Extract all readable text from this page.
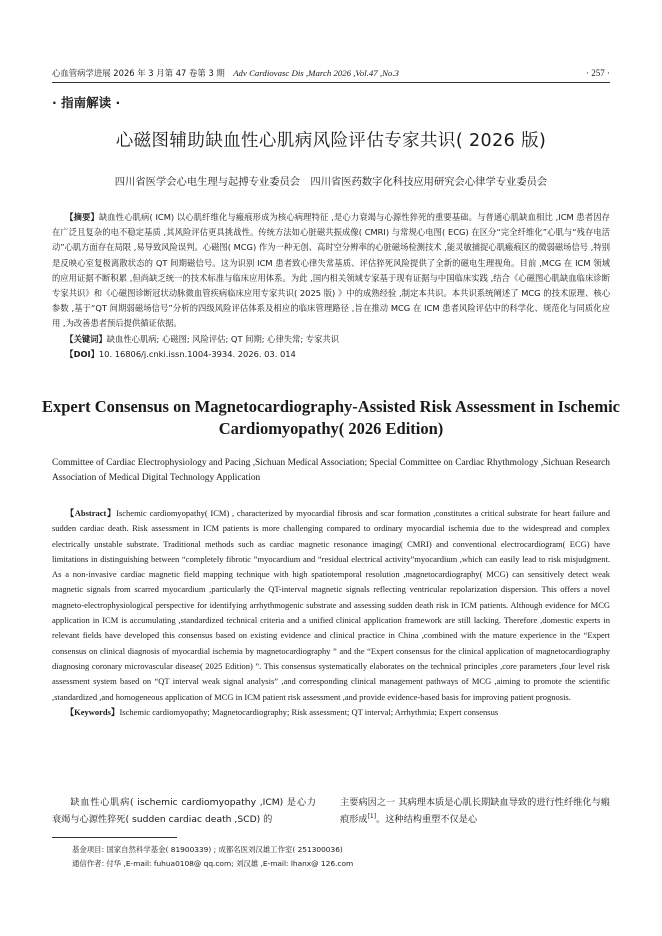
心血管病学进展 2026 年 3 月第 47 卷第 3 期　 Adv Cardiovasc Dis ,March 2026 ,Vol.47 ,No.3	· 257 ·
· 指南解读 ·
心磁图辅助缺血性心肌病风险评估专家共识( 2026 版)
四川省医学会心电生理与起搏专业委员会　四川省医药数字化科技应用研究会心律学专业委员会

【摘要】缺血性心肌病( ICM) 以心肌纤维化与瘢痕形成为核心病理特征 ,是心力衰竭与心源性猝死的重要基础。与普通心肌缺血相比 ,ICM 患者因存在广泛且复杂的电不稳定基质 ,其风险评估更具挑战性。传统方法如心脏磁共振成像( CMRI) 与常规心电图( ECG) 在区分“完全纤维化”心肌与“残存电活动”心肌方面存在局限 ,易导致风险误判。心磁图( MCG) 作为一种无创、高时空分辨率的心脏磁场检测技术 ,能灵敏捕捉心肌瘢痕区的微弱磁场信号 ,特别是反映心室复极离散状态的 QT 间期磁信号。这为识别 ICM 患者致心律失常基质、评估猝死风险提供了全新的磁电生理视角。目前 ,MCG 在 ICM 领域的应用证据不断积累 ,但尚缺乏统一的技术标准与临床应用体系。为此 ,国内相关领域专家基于现有证据与中国临床实践 ,结合《心磁图心肌缺血临床诊断专家共识》和《心磁图诊断冠状动脉微血管疾病临床应用专家共识( 2025 版) 》中的成熟经验 ,制定本共识。本共识系统阐述了 MCG 的技术原理、核心参数 ,基于“QT 间期弱磁场信号”分析的四级风险评估体系及相应的临床管理路径 ,旨在推动 MCG 在 ICM 患者风险评估中的科学化、规范化与同质化应用 ,为改善患者预后提供循证依据。

【关键词】缺血性心肌病; 心磁图; 风险评估; QT 间期; 心律失常; 专家共识

【DOI】10. 16806/j.cnki.issn.1004-3934. 2026. 03. 014

Expert Consensus on Magnetocardiography-Assisted Risk Assessment in Ischemic Cardiomyopathy( 2026 Edition)
Committee of Cardiac Electrophysiology and Pacing ,Sichuan Medical Association; Special Committee on Cardiac Rhythmology ,Sichuan Research Association of Medical Digital Technology Application

【Abstract】Ischemic cardiomyopathy( ICM) , characterized by myocardial fibrosis and scar formation ,constitutes a critical substrate for heart failure and sudden cardiac death. Risk assessment in ICM patients is more challenging compared to ordinary myocardial ischemia due to the widespread and complex electrically unstable substrate. Traditional methods such as cardiac magnetic resonance imaging( CMRI) and conventional electrocardiogram( ECG) have limitations in distinguishing between “completely fibrotic ”myocardium and “residual electrical activity”myocardium ,which can easily lead to risk misjudgment. As a non-invasive cardiac magnetic field mapping technique with high spatiotemporal resolution ,magnetocardiography( MCG) can sensitively detect weak magnetic signals from scarred myocardium ,particularly the QT-interval magnetic signals reflecting ventricular repolarization dispersion. This offers a novel magneto-electrophysiological perspective for identifying arrhythmogenic substrate and assessing sudden death risk in ICM patients. Although evidence for MCG application in ICM is accumulating ,standardized technical criteria and a unified clinical application framework are still lacking. Therefore ,domestic experts in relevant fields have developed this consensus based on existing evidence and clinical practice in China ,combined with the mature experience in the “Expert consensus on clinical diagnosis of myocardial ischemia by magnetocardiography ” and the “Expert consensus for the clinical application of magnetocardiography diagnosing coronary microvascular disease( 2025 Edition) ”. This consensus systematically elaborates on the technical principles ,core parameters ,four level risk assessment system based on “QT interval weak signal analysis” ,and corresponding clinical management pathways of MCG ,aiming to promote the scientific ,standardized ,and homogeneous application of MCG in ICM patient risk assessment ,and provide evidence-based basis for improving patient prognosis.

【Keywords】Ischemic cardiomyopathy; Magnetocardiography; Risk assessment; QT interval; Arrhythmia; Expert consensus

缺血性心肌病( ischemic cardiomyopathy ,ICM) 是心力衰竭与心源性猝死( sudden cardiac death ,SCD) 的

主要病因之一 其病理本质是心肌长期缺血导致的进行性纤维化与瘢痕形成[1]。这种结构重塑不仅是心

基金项目: 国家自然科学基金( 81900339) ; 成都名医刘汉雄工作室( 251300036)
通信作者: 付华 ,E-mail: fuhua0108@ qq.com; 刘汉雄 ,E-mail: lhanx@ 126.com
